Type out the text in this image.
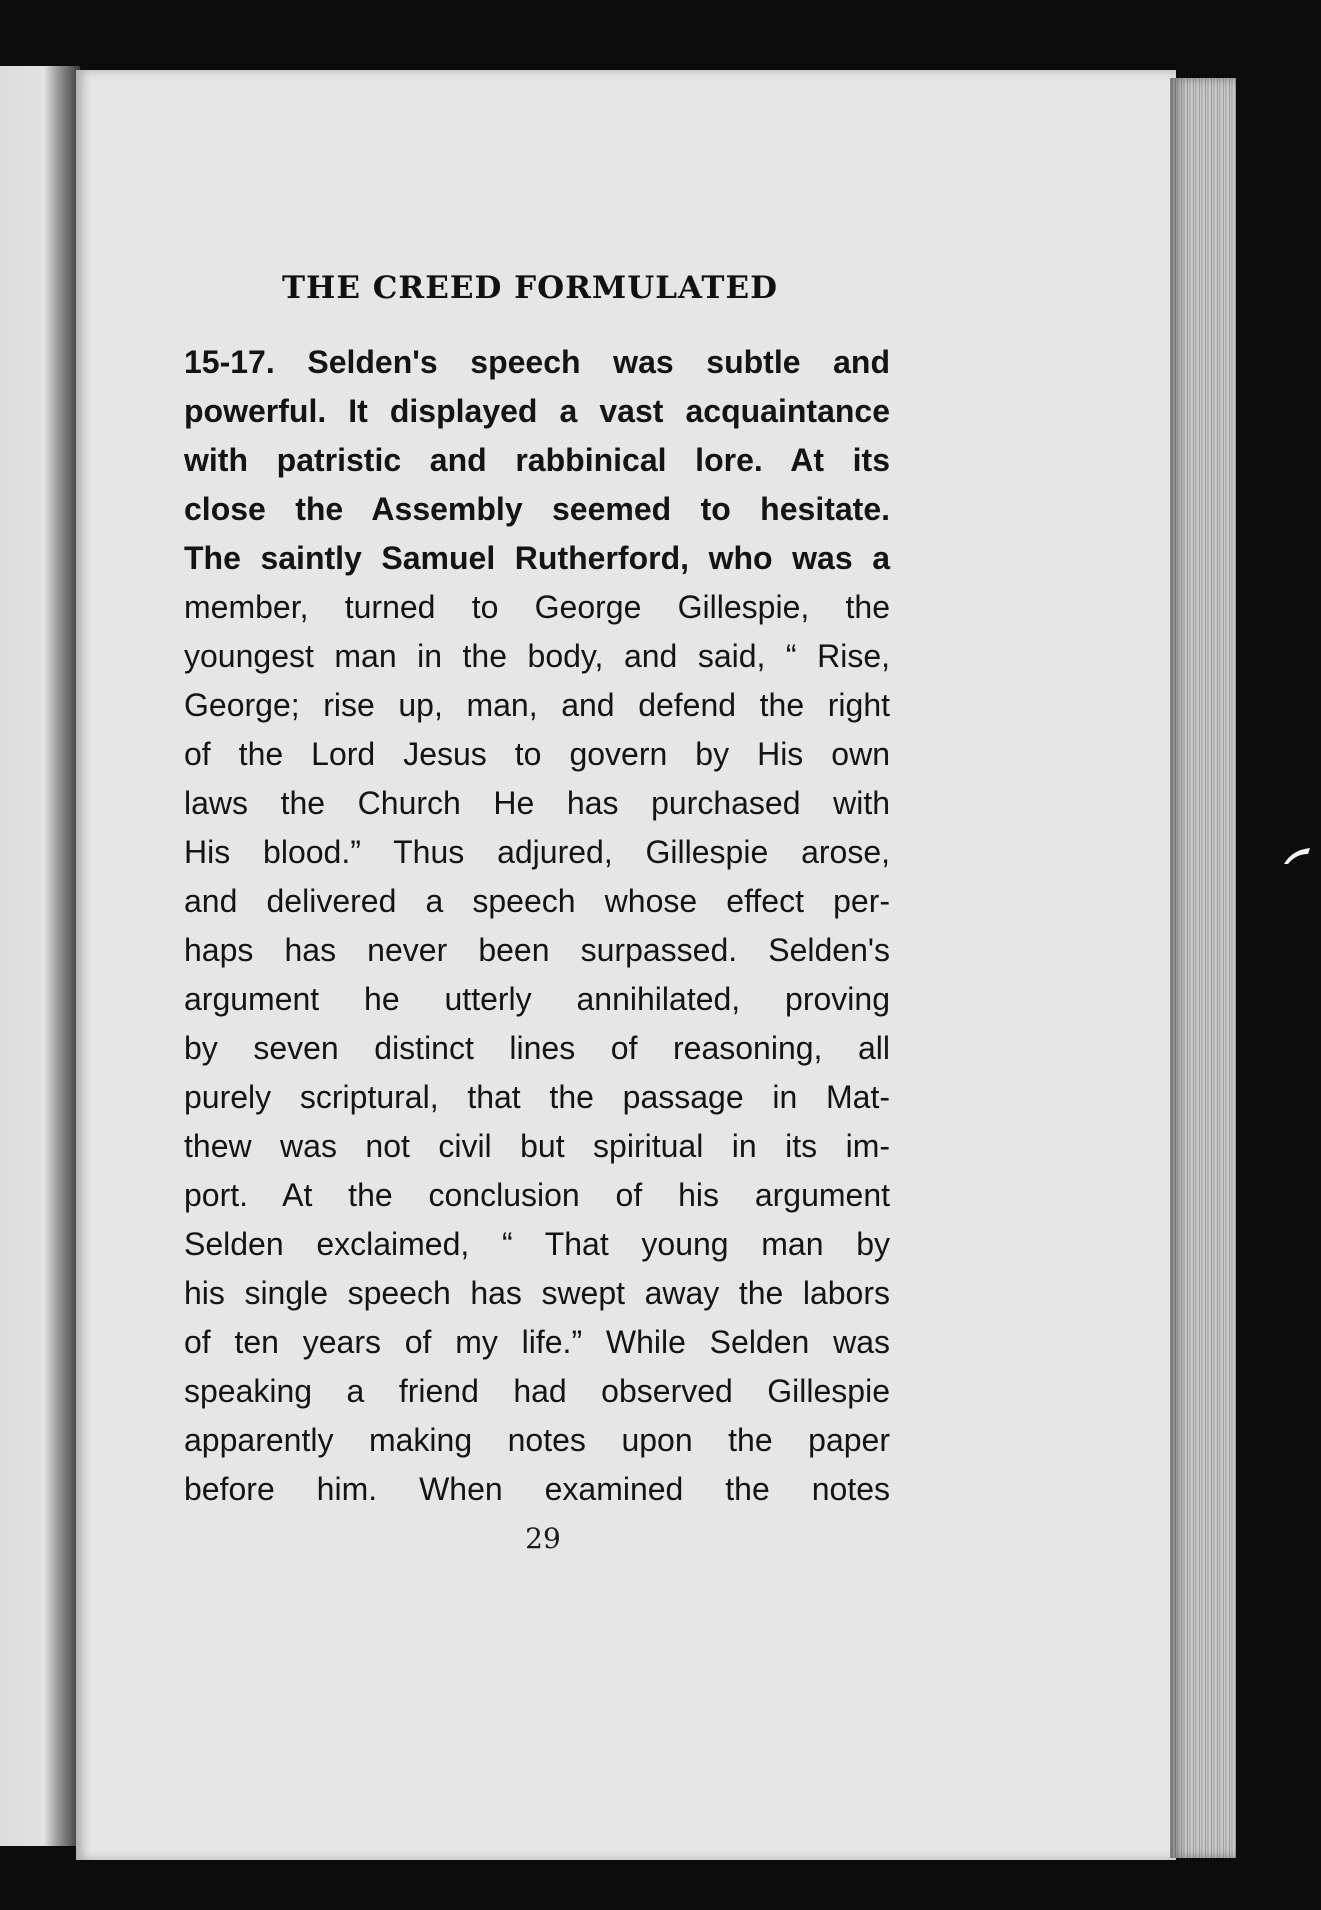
THE CREED FORMULATED
15-17. Selden's speech was subtle and
powerful. It displayed a vast acquaintance
with patristic and rabbinical lore. At its
close the Assembly seemed to hesitate.
The saintly Samuel Rutherford, who was a
member, turned to George Gillespie, the
youngest man in the body, and said, “ Rise,
George; rise up, man, and defend the right
of the Lord Jesus to govern by His own
laws the Church He has purchased with
His blood.” Thus adjured, Gillespie arose,
and delivered a speech whose effect per-
haps has never been surpassed. Selden's
argument he utterly annihilated, proving
by seven distinct lines of reasoning, all
purely scriptural, that the passage in Mat-
thew was not civil but spiritual in its im-
port. At the conclusion of his argument
Selden exclaimed, “ That young man by
his single speech has swept away the labors
of ten years of my life.” While Selden was
speaking a friend had observed Gillespie
apparently making notes upon the paper
before him. When examined the notes
29
